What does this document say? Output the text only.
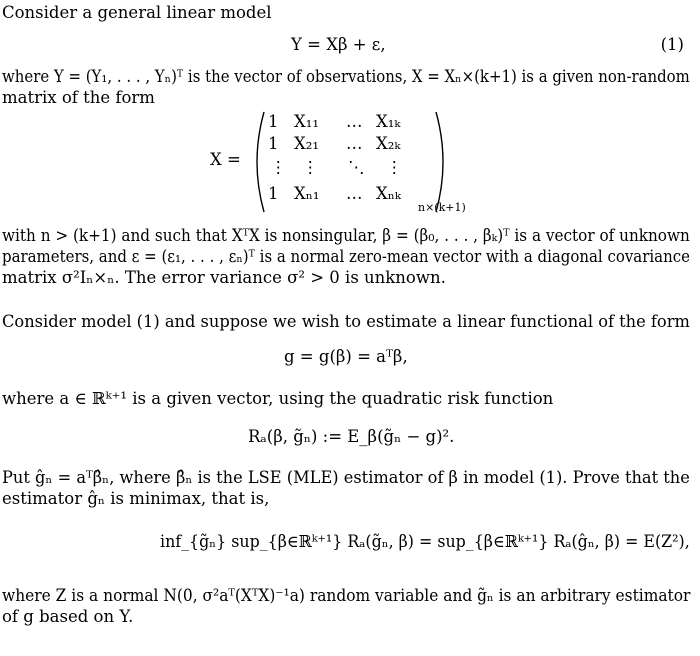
Consider a general linear model
Y = Xβ + ε,	(1)
where Y = (Y₁, . . . , Yₙ)ᵀ is the vector of observations, X = Xₙ×(k+1) is a given non-random
matrix of the form
X =
1 X₁₁ … X₁ₖ
1 X₂₁ … X₂ₖ
⋮ ⋮ ⋱ ⋮
1 Xₙ₁ … Xₙₖ
n×(k+1)
with n > (k+1) and such that XᵀX is nonsingular, β = (β₀, . . . , βₖ)ᵀ is a vector of unknown
parameters, and ε = (ε₁, . . . , εₙ)ᵀ is a normal zero-mean vector with a diagonal covariance
matrix σ²Iₙ×ₙ. The error variance σ² > 0 is unknown.
Consider model (1) and suppose we wish to estimate a linear functional of the form
g = g(β) = aᵀβ,
where a ∈ ℝᵏ⁺¹ is a given vector, using the quadratic risk function
Rₐ(β, g̃ₙ) := E_β(g̃ₙ − g)².
Put ĝₙ = aᵀβ̂ₙ, where β̂ₙ is the LSE (MLE) estimator of β in model (1). Prove that the
estimator ĝₙ is minimax, that is,
inf_{g̃ₙ} sup_{β∈ℝᵏ⁺¹} Rₐ(g̃ₙ, β) = sup_{β∈ℝᵏ⁺¹} Rₐ(ĝₙ, β) = E(Z²),
where Z is a normal N(0, σ²aᵀ(XᵀX)⁻¹a) random variable and g̃ₙ is an arbitrary estimator
of g based on Y.
